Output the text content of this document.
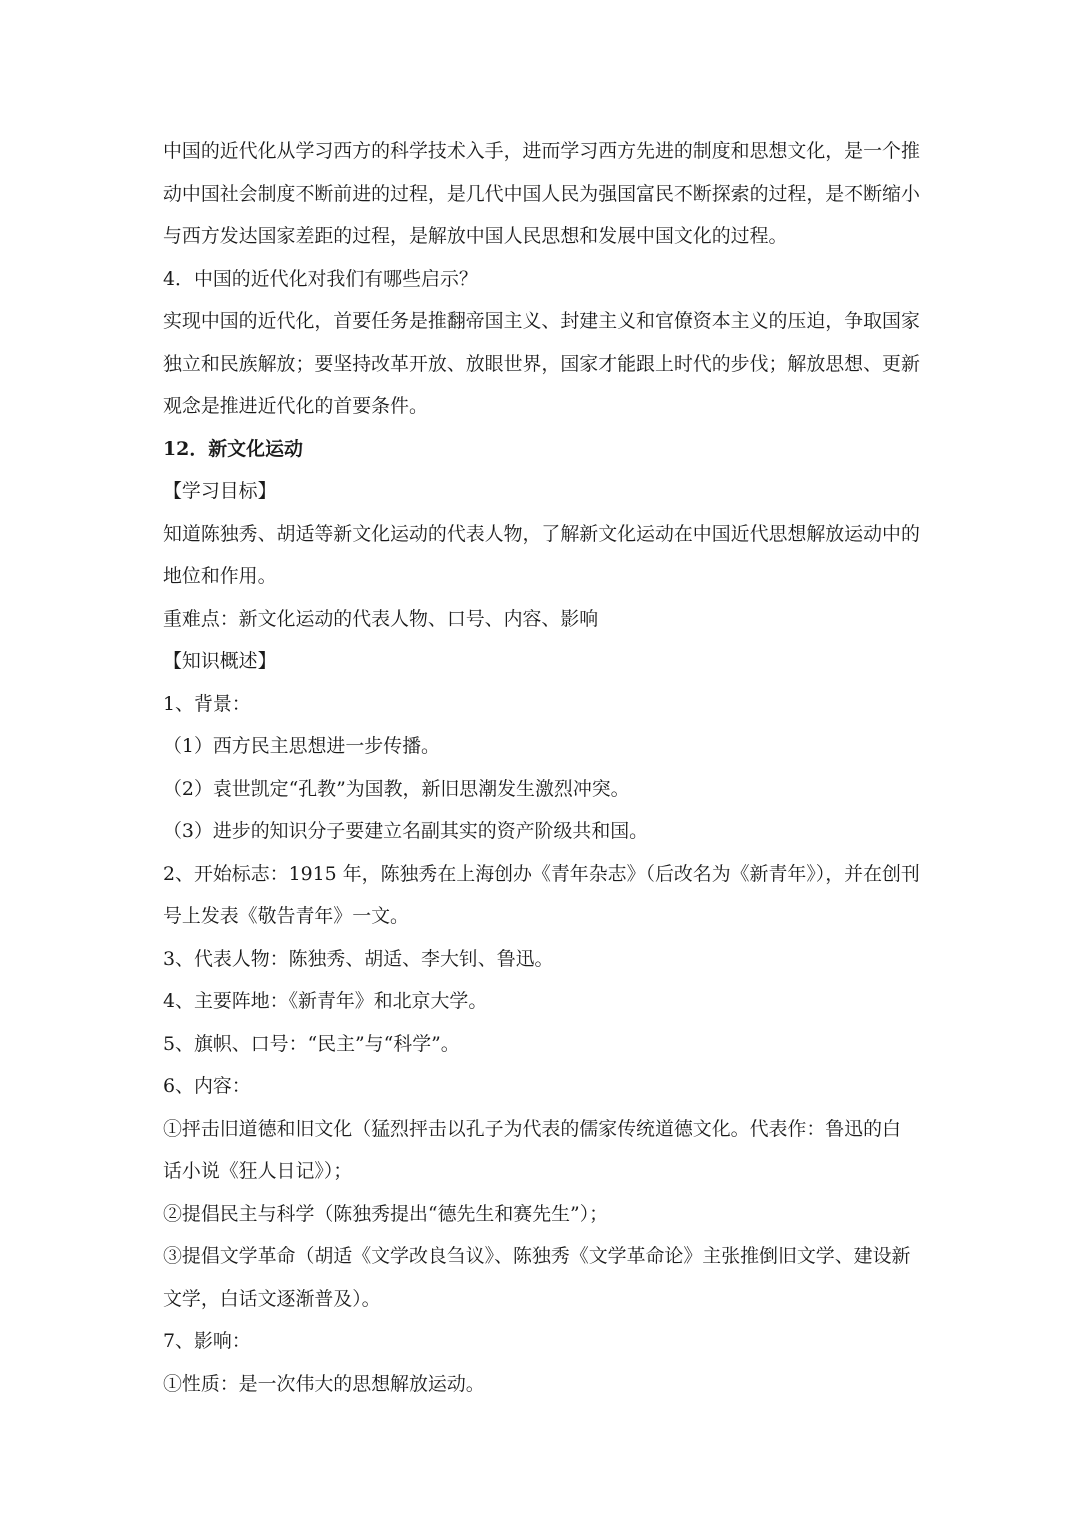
中国的近代化从学习西方的科学技术入手，进而学习西方先进的制度和思想文化，是一个推
动中国社会制度不断前进的过程，是几代中国人民为强国富民不断探索的过程，是不断缩小
与西方发达国家差距的过程，是解放中国人民思想和发展中国文化的过程。
4．中国的近代化对我们有哪些启示？
实现中国的近代化，首要任务是推翻帝国主义、封建主义和官僚资本主义的压迫，争取国家
独立和民族解放；要坚持改革开放、放眼世界，国家才能跟上时代的步伐；解放思想、更新
观念是推进近代化的首要条件。
12．新文化运动
【学习目标】
知道陈独秀、胡适等新文化运动的代表人物，了解新文化运动在中国近代思想解放运动中的
地位和作用。
重难点：新文化运动的代表人物、口号、内容、影响
【知识概述】
1、背景：
（1）西方民主思想进一步传播。
（2）袁世凯定“孔教”为国教，新旧思潮发生激烈冲突。
（3）进步的知识分子要建立名副其实的资产阶级共和国。
2、开始标志：1915 年，陈独秀在上海创办《青年杂志》（后改名为《新青年》），并在创刊
号上发表《敬告青年》一文。
3、代表人物：陈独秀、胡适、李大钊、鲁迅。
4、主要阵地：《新青年》和北京大学。
5、旗帜、口号：“民主”与“科学”。
6、内容：
①抨击旧道德和旧文化（猛烈抨击以孔子为代表的儒家传统道德文化。代表作：鲁迅的白
话小说《狂人日记》）；
②提倡民主与科学（陈独秀提出“德先生和赛先生”）；
③提倡文学革命（胡适《文学改良刍议》、陈独秀《文学革命论》主张推倒旧文学、建设新
文学，白话文逐渐普及）。
7、影响：
①性质：是一次伟大的思想解放运动。
